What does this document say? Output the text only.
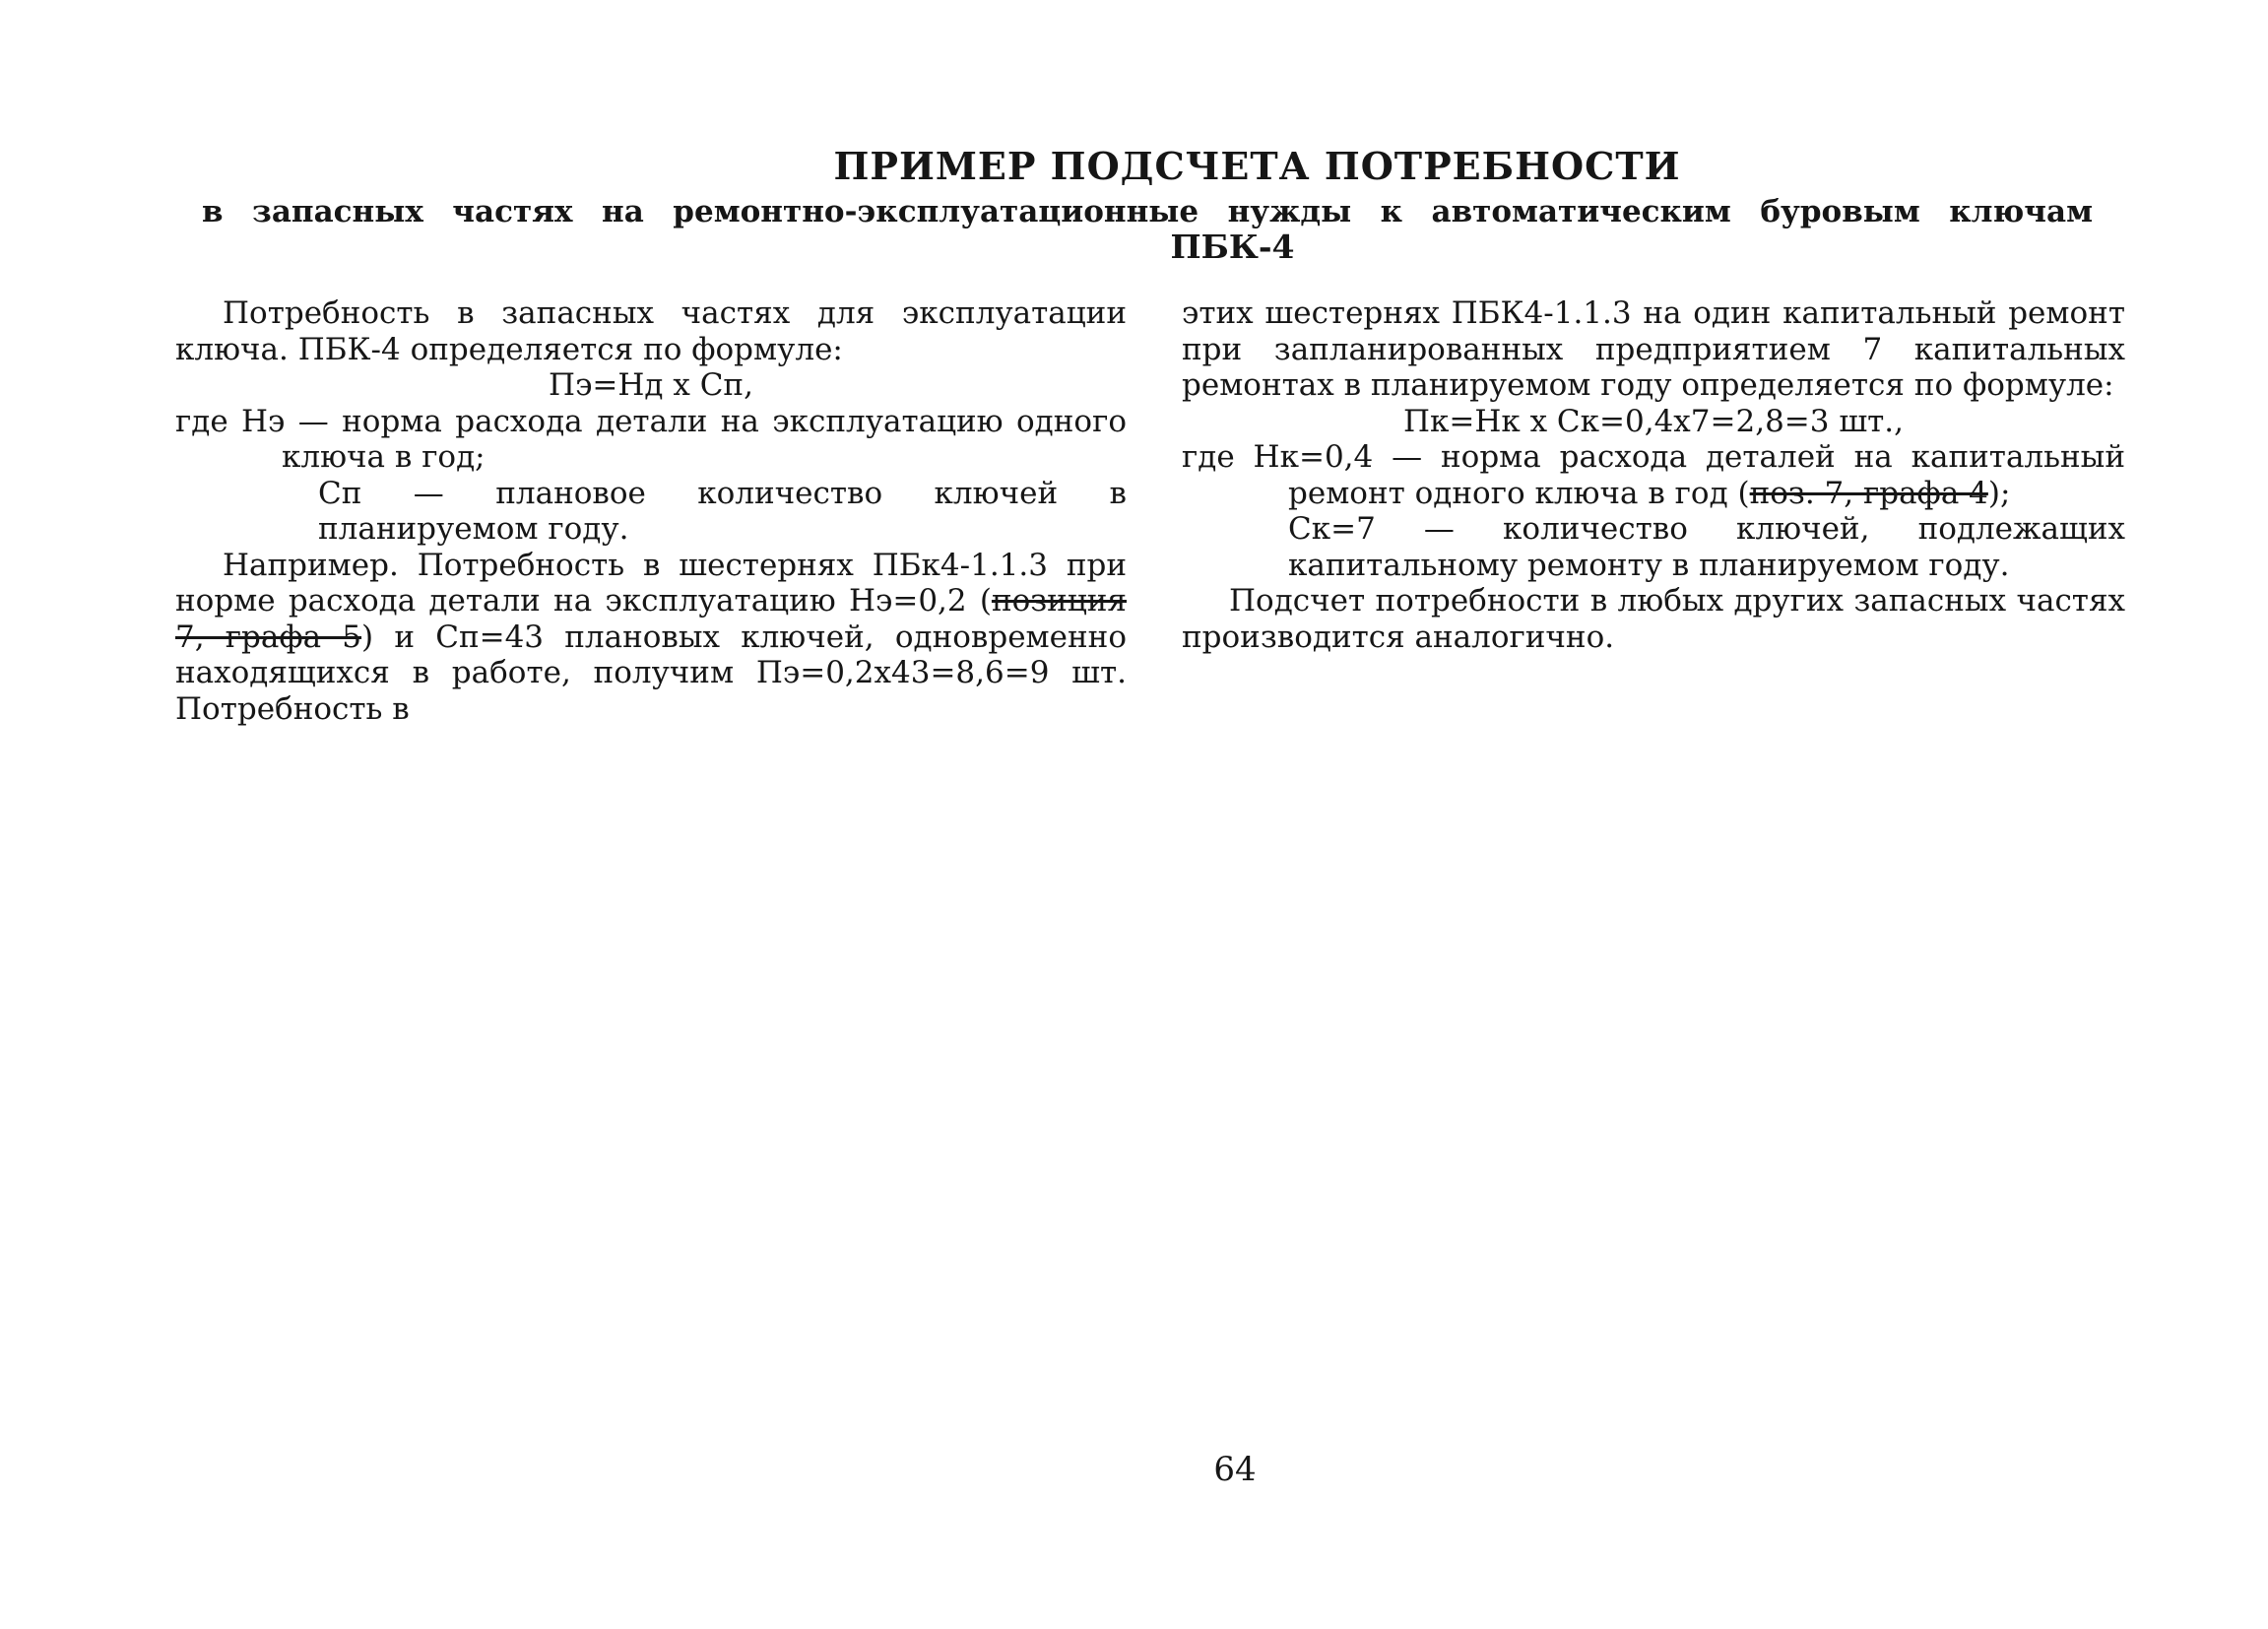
ПРИМЕР ПОДСЧЕТА ПОТРЕБНОСТИ
в запасных частях на ремонтно-эксплуатационные нужды к автоматическим буровым ключам
ПБК-4

Потребность в запасных частях для эксплуатации ключа. ПБК-4 определяется по формуле:

Пэ=Нд х Сп,

где Нэ — норма расхода детали на эксплуатацию одного ключа в год;

Сп — плановое количество ключей в планируемом году.

Например. Потребность в шестернях ПБк4-1.1.3 при норме расхода детали на эксплуатацию Нэ=0,2 (позиция 7, графа 5) и Сп=43 плановых ключей, одновременно находящихся в работе, получим Пэ=0,2х43=8,6=9 шт. Потребность в

этих шестернях ПБК4-1.1.3 на один капитальный ремонт при запланированных предприятием 7 капитальных ремонтах в планируемом году определяется по формуле:

Пк=Нк х Ск=0,4х7=2,8=3 шт.,

где Нк=0,4 — норма расхода деталей на капитальный ремонт одного ключа в год (поз. 7, графа 4);

Ск=7 — количество ключей, подлежащих капитальному ремонту в планируемом году.

Подсчет потребности в любых других запасных частях производится аналогично.

64
